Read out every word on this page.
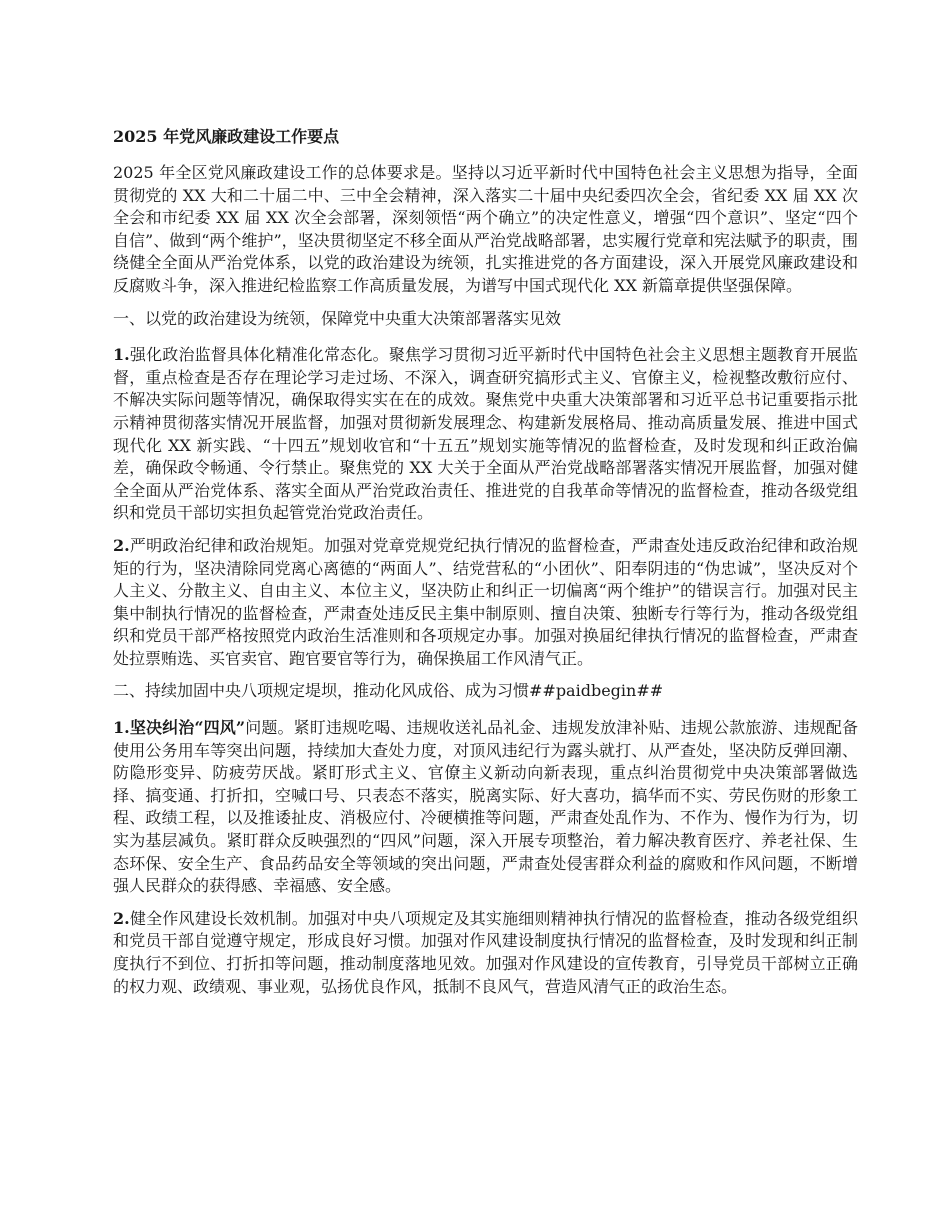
2025 年党风廉政建设工作要点

2025 年全区党风廉政建设工作的总体要求是。坚持以习近平新时代中国特色社会主义思想为指导，全面贯彻党的 XX 大和二十届二中、三中全会精神，深入落实二十届中央纪委四次全会，省纪委 XX 届 XX 次全会和市纪委 XX 届 XX 次全会部署，深刻领悟“两个确立”的决定性意义，增强“四个意识”、坚定“四个自信”、做到“两个维护”，坚决贯彻坚定不移全面从严治党战略部署，忠实履行党章和宪法赋予的职责，围绕健全全面从严治党体系，以党的政治建设为统领，扎实推进党的各方面建设，深入开展党风廉政建设和反腐败斗争，深入推进纪检监察工作高质量发展，为谱写中国式现代化 XX 新篇章提供坚强保障。

一、以党的政治建设为统领，保障党中央重大决策部署落实见效

1.强化政治监督具体化精准化常态化。聚焦学习贯彻习近平新时代中国特色社会主义思想主题教育开展监督，重点检查是否存在理论学习走过场、不深入，调查研究搞形式主义、官僚主义，检视整改敷衍应付、不解决实际问题等情况，确保取得实实在在的成效。聚焦党中央重大决策部署和习近平总书记重要指示批示精神贯彻落实情况开展监督，加强对贯彻新发展理念、构建新发展格局、推动高质量发展、推进中国式现代化 XX 新实践、“十四五”规划收官和“十五五”规划实施等情况的监督检查，及时发现和纠正政治偏差，确保政令畅通、令行禁止。聚焦党的 XX 大关于全面从严治党战略部署落实情况开展监督，加强对健全全面从严治党体系、落实全面从严治党政治责任、推进党的自我革命等情况的监督检查，推动各级党组织和党员干部切实担负起管党治党政治责任。

2.严明政治纪律和政治规矩。加强对党章党规党纪执行情况的监督检查，严肃查处违反政治纪律和政治规矩的行为，坚决清除同党离心离德的“两面人”、结党营私的“小团伙”、阳奉阴违的“伪忠诚”，坚决反对个人主义、分散主义、自由主义、本位主义，坚决防止和纠正一切偏离“两个维护”的错误言行。加强对民主集中制执行情况的监督检查，严肃查处违反民主集中制原则、擅自决策、独断专行等行为，推动各级党组织和党员干部严格按照党内政治生活准则和各项规定办事。加强对换届纪律执行情况的监督检查，严肃查处拉票贿选、买官卖官、跑官要官等行为，确保换届工作风清气正。

二、持续加固中央八项规定堤坝，推动化风成俗、成为习惯##paidbegin##

1.坚决纠治“四风”问题。紧盯违规吃喝、违规收送礼品礼金、违规发放津补贴、违规公款旅游、违规配备使用公务用车等突出问题，持续加大查处力度，对顶风违纪行为露头就打、从严查处，坚决防反弹回潮、防隐形变异、防疲劳厌战。紧盯形式主义、官僚主义新动向新表现，重点纠治贯彻党中央决策部署做选择、搞变通、打折扣，空喊口号、只表态不落实，脱离实际、好大喜功，搞华而不实、劳民伤财的形象工程、政绩工程，以及推诿扯皮、消极应付、冷硬横推等问题，严肃查处乱作为、不作为、慢作为行为，切实为基层减负。紧盯群众反映强烈的“四风”问题，深入开展专项整治，着力解决教育医疗、养老社保、生态环保、安全生产、食品药品安全等领域的突出问题，严肃查处侵害群众利益的腐败和作风问题，不断增强人民群众的获得感、幸福感、安全感。

2.健全作风建设长效机制。加强对中央八项规定及其实施细则精神执行情况的监督检查，推动各级党组织和党员干部自觉遵守规定，形成良好习惯。加强对作风建设制度执行情况的监督检查，及时发现和纠正制度执行不到位、打折扣等问题，推动制度落地见效。加强对作风建设的宣传教育，引导党员干部树立正确的权力观、政绩观、事业观，弘扬优良作风，抵制不良风气，营造风清气正的政治生态。
